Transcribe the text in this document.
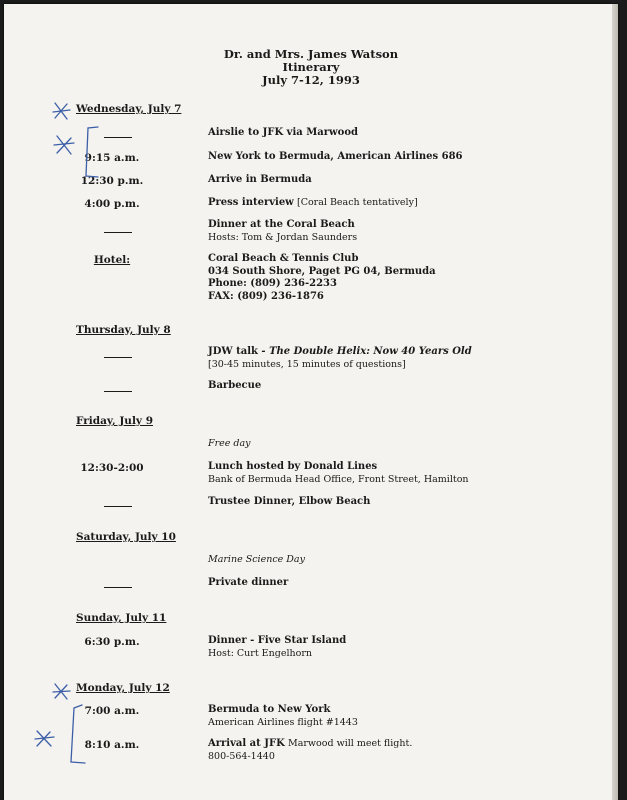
Dr. and Mrs. James Watson
Itinerary
July 7-12, 1993
Wednesday, July 7
Airslie to JFK via Marwood
9:15 a.m.	New York to Bermuda, American Airlines 686
12:30 p.m.	Arrive in Bermuda
4:00 p.m.	Press interview [Coral Beach tentatively]
Dinner at the Coral Beach
Hosts: Tom & Jordan Saunders
Hotel:	Coral Beach & Tennis Club
034 South Shore, Paget PG 04, Bermuda
Phone: (809) 236-2233
FAX: (809) 236-1876
Thursday, July 8
JDW talk - The Double Helix: Now 40 Years Old
[30-45 minutes, 15 minutes of questions]
Barbecue
Friday, July 9
Free day
12:30-2:00	Lunch hosted by Donald Lines
Bank of Bermuda Head Office, Front Street, Hamilton
Trustee Dinner, Elbow Beach
Saturday, July 10
Marine Science Day
Private dinner
Sunday, July 11
6:30 p.m.	Dinner - Five Star Island
Host: Curt Engelhorn
Monday, July 12
7:00 a.m.	Bermuda to New York
American Airlines flight #1443
8:10 a.m.	Arrival at JFK Marwood will meet flight.
800-564-1440
